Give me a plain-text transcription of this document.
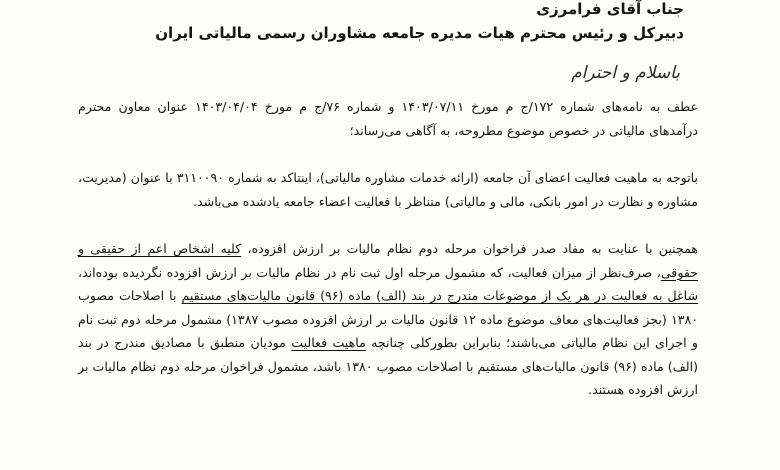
جناب آقای فرامرزی
دبیرکل و رئیس محترم هیات مدیره جامعه مشاوران رسمی مالیاتی ایران
باسلام و احترام

عطف به نامه‌های شماره ۱۷۲/ج م مورخ ۱۴۰۳/۰۷/۱۱ و شماره ۷۶/ج م مورخ ۱۴۰۳/۰۴/۰۴ عنوان معاون محترم درآمدهای مالیاتی در خصوص موضوع مطروحه، به آگاهی می‌رساند؛

باتوجه به ماهیت فعالیت اعضای آن جامعه (ارائه خدمات مشاوره مالیاتی)، اینتاکد به شماره ۳۱۱۰۰۹۰ با عنوان (مدیریت، مشاوره و نظارت در امور بانکی، مالی و مالیاتی) متناظر با فعالیت اعضاء جامعه یادشده می‌باشد.

همچنین با عنایت به مفاد صدر فراخوان مرحله دوم نظام مالیات بر ارزش افزوده، کلیه اشخاص اعم از حقیقی و حقوقی، صرف‌نظر از میزان فعالیت، که مشمول مرحله اول ثبت نام در نظام مالیات بر ارزش افزوده نگردیده بوده‌اند، شاغل به فعالیت در هر یک از موضوعات مندرج در بند (الف) ماده (۹۶) قانون مالیات‌های مستقیم با اصلاحات مصوب ۱۳۸۰ (بجز فعالیت‌های معاف موضوع ماده ۱۲ قانون مالیات بر ارزش افزوده مصوب ۱۳۸۷) مشمول مرحله دوم ثبت نام و اجرای این نظام مالیاتی می‌باشند؛ بنابراین بطورکلی چنانچه ماهیت فعالیت مودیان منطبق با مصادیق مندرج در بند (الف) ماده (۹۶) قانون مالیات‌های مستقیم با اصلاحات مصوب ۱۳۸۰ باشد، مشمول فراخوان مرحله دوم نظام مالیات بر ارزش افزوده هستند.
